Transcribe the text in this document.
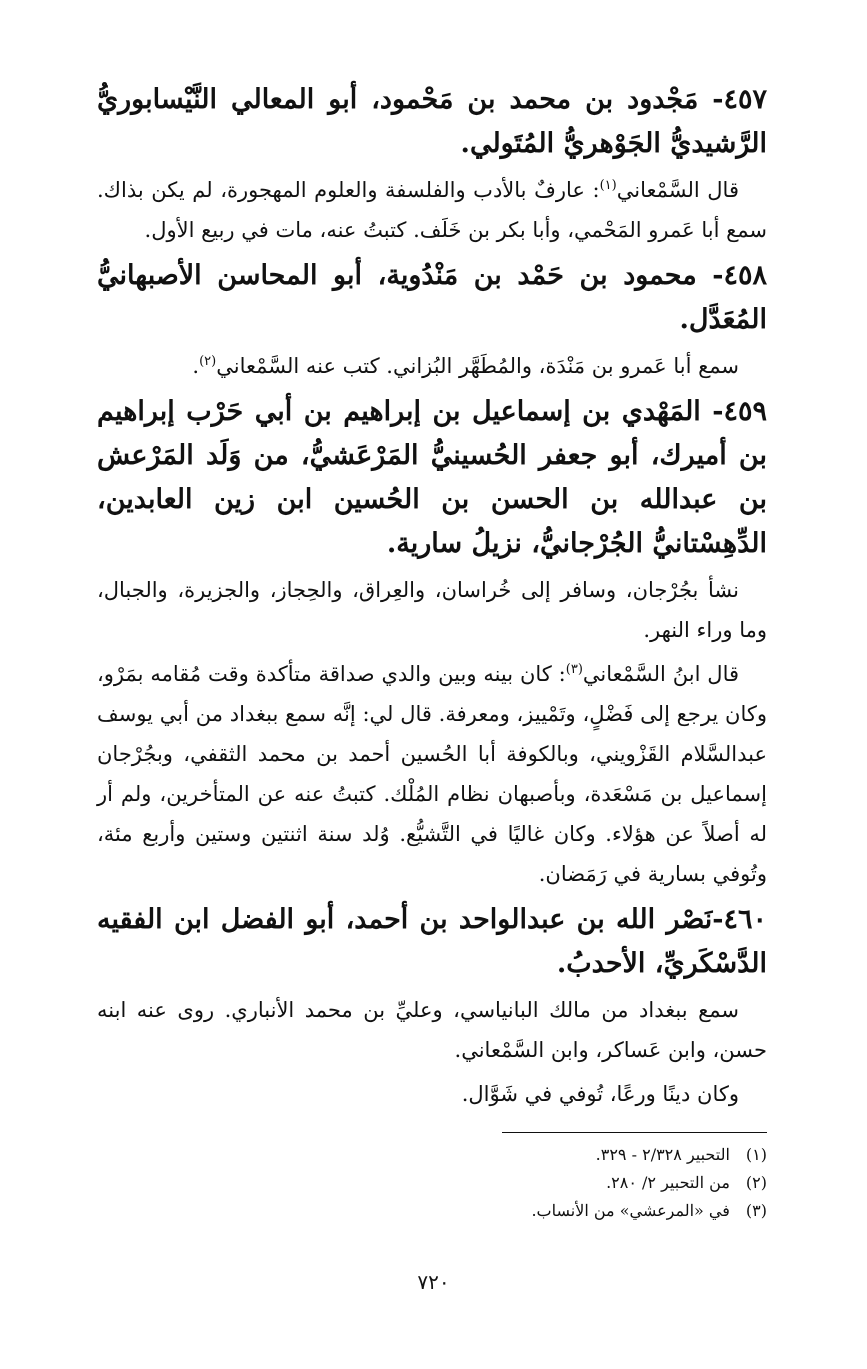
٤٥٧- مَجْدود بن محمد بن مَحْمود، أبو المعالي النَّيْسابوريُّ الرَّشيديُّ الجَوْهريُّ المُتَولي.

قال السَّمْعاني$^{(١)}$: عارفٌ بالأدب والفلسفة والعلوم المهجورة، لم يكن بذاك. سمع أبا عَمرو المَحْمي، وأبا بكر بن خَلَف. كتبتُ عنه، مات في ربيع الأول.

٤٥٨- محمود بن حَمْد بن مَنْدُوية، أبو المحاسن الأصبهانيُّ المُعَدَّل.

سمع أبا عَمرو بن مَنْدَة، والمُطَهَّر البُزاني. كتب عنه السَّمْعاني$^{(٢)}$.

٤٥٩- المَهْدي بن إسماعيل بن إبراهيم بن أبي حَرْب إبراهيم بن أميرك، أبو جعفر الحُسينيُّ المَرْعَشيُّ، من وَلَد المَرْعش بن عبدالله بن الحسن بن الحُسين ابن زين العابدين، الدِّهِسْتانيُّ الجُرْجانيُّ، نزيلُ سارية.

نشأ بجُرْجان، وسافر إلى خُراسان، والعِراق، والحِجاز، والجزيرة، والجبال، وما وراء النهر.

قال ابنُ السَّمْعاني$^{(٣)}$: كان بينه وبين والدي صداقة متأكدة وقت مُقامه بمَرْو، وكان يرجع إلى فَضْلٍ، وتَمْييز، ومعرفة. قال لي: إنَّه سمع ببغداد من أبي يوسف عبدالسَّلام القَزْويني، وبالكوفة أبا الحُسين أحمد بن محمد الثقفي، وبجُرْجان إسماعيل بن مَسْعَدة، وبأصبهان نظام المُلْك. كتبتُ عنه عن المتأخرين، ولم أر له أصلاً عن هؤلاء. وكان غاليًا في التَّشيُّع. وُلد سنة اثنتين وستين وأربع مئة، وتُوفي بسارية في رَمَضان.

٤٦٠-نَصْر الله بن عبدالواحد بن أحمد، أبو الفضل ابن الفقيه الدَّسْكَريِّ، الأحدبُ.

سمع ببغداد من مالك البانياسي، وعليِّ بن محمد الأنباري. روى عنه ابنه حسن، وابن عَساكر، وابن السَّمْعاني.

وكان دينًا ورعًا، تُوفي في شَوَّال.

(١)التحبير ٢/٣٢٨ - ٣٢٩.

(٢)من التحبير ٢/ ٢٨٠.

(٣)في «المرعشي» من الأنساب.

٧٢٠
